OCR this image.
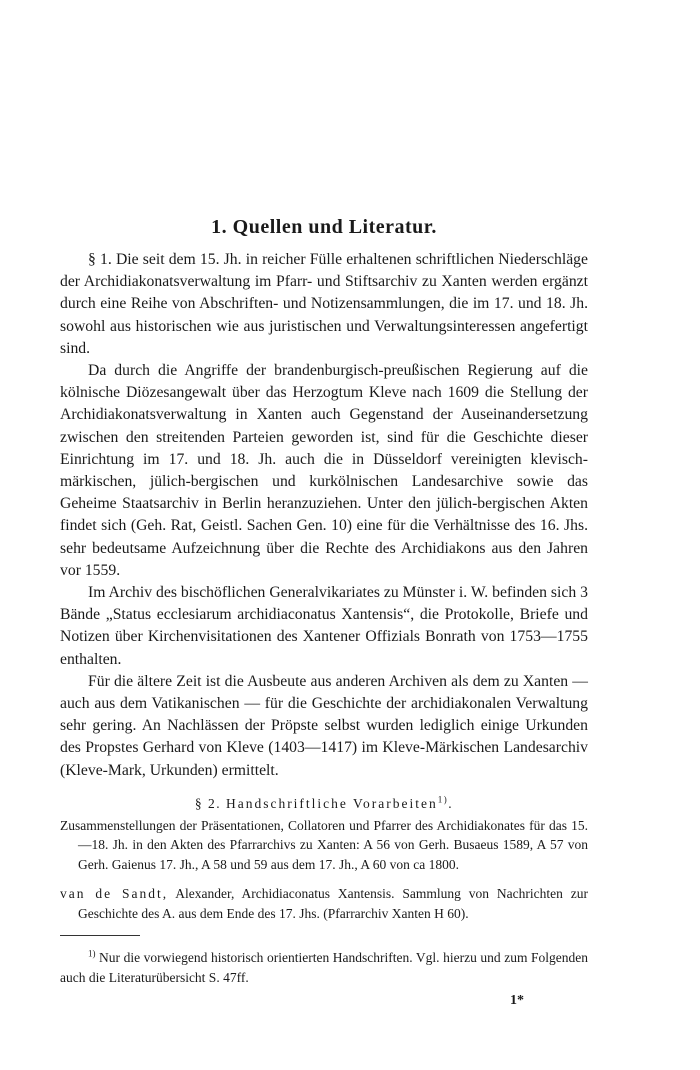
1. Quellen und Literatur.

§ 1. Die seit dem 15. Jh. in reicher Fülle erhaltenen schriftlichen Niederschläge der Archidiakonatsverwaltung im Pfarr- und Stiftsarchiv zu Xanten werden ergänzt durch eine Reihe von Abschriften- und Notizensammlungen, die im 17. und 18. Jh. sowohl aus historischen wie aus juristischen und Verwaltungsinteressen angefertigt sind.

Da durch die Angriffe der brandenburgisch-preußischen Regierung auf die kölnische Diözesangewalt über das Herzogtum Kleve nach 1609 die Stellung der Archidiakonatsverwaltung in Xanten auch Gegenstand der Auseinandersetzung zwischen den streitenden Parteien geworden ist, sind für die Geschichte dieser Einrichtung im 17. und 18. Jh. auch die in Düsseldorf vereinigten klevisch-märkischen, jülich-bergischen und kurkölnischen Landesarchive sowie das Geheime Staatsarchiv in Berlin heranzuziehen. Unter den jülich-bergischen Akten findet sich (Geh. Rat, Geistl. Sachen Gen. 10) eine für die Verhältnisse des 16. Jhs. sehr bedeutsame Aufzeichnung über die Rechte des Archidiakons aus den Jahren vor 1559.

Im Archiv des bischöflichen Generalvikariates zu Münster i. W. befinden sich 3 Bände „Status ecclesiarum archidiaconatus Xantensis“, die Protokolle, Briefe und Notizen über Kirchenvisitationen des Xantener Offizials Bonrath von 1753—1755 enthalten.

Für die ältere Zeit ist die Ausbeute aus anderen Archiven als dem zu Xanten — auch aus dem Vatikanischen — für die Geschichte der archidiakonalen Verwaltung sehr gering. An Nachlässen der Pröpste selbst wurden lediglich einige Urkunden des Propstes Gerhard von Kleve (1403—1417) im Kleve-Märkischen Landesarchiv (Kleve-Mark, Urkunden) ermittelt.

§ 2. Handschriftliche Vorarbeiten$^{1)}$.

Zusammenstellungen der Präsentationen, Collatoren und Pfarrer des Archidiakonates für das 15.—18. Jh. in den Akten des Pfarrarchivs zu Xanten: A 56 von Gerh. Busaeus 1589, A 57 von Gerh. Gaienus 17. Jh., A 58 und 59 aus dem 17. Jh., A 60 von ca 1800.

van de Sandt, Alexander, Archidiaconatus Xantensis. Sammlung von Nachrichten zur Geschichte des A. aus dem Ende des 17. Jhs. (Pfarrarchiv Xanten H 60).

$^{1)}$ Nur die vorwiegend historisch orientierten Handschriften. Vgl. hierzu und zum Folgenden auch die Literaturübersicht S. 47ff.

1*
